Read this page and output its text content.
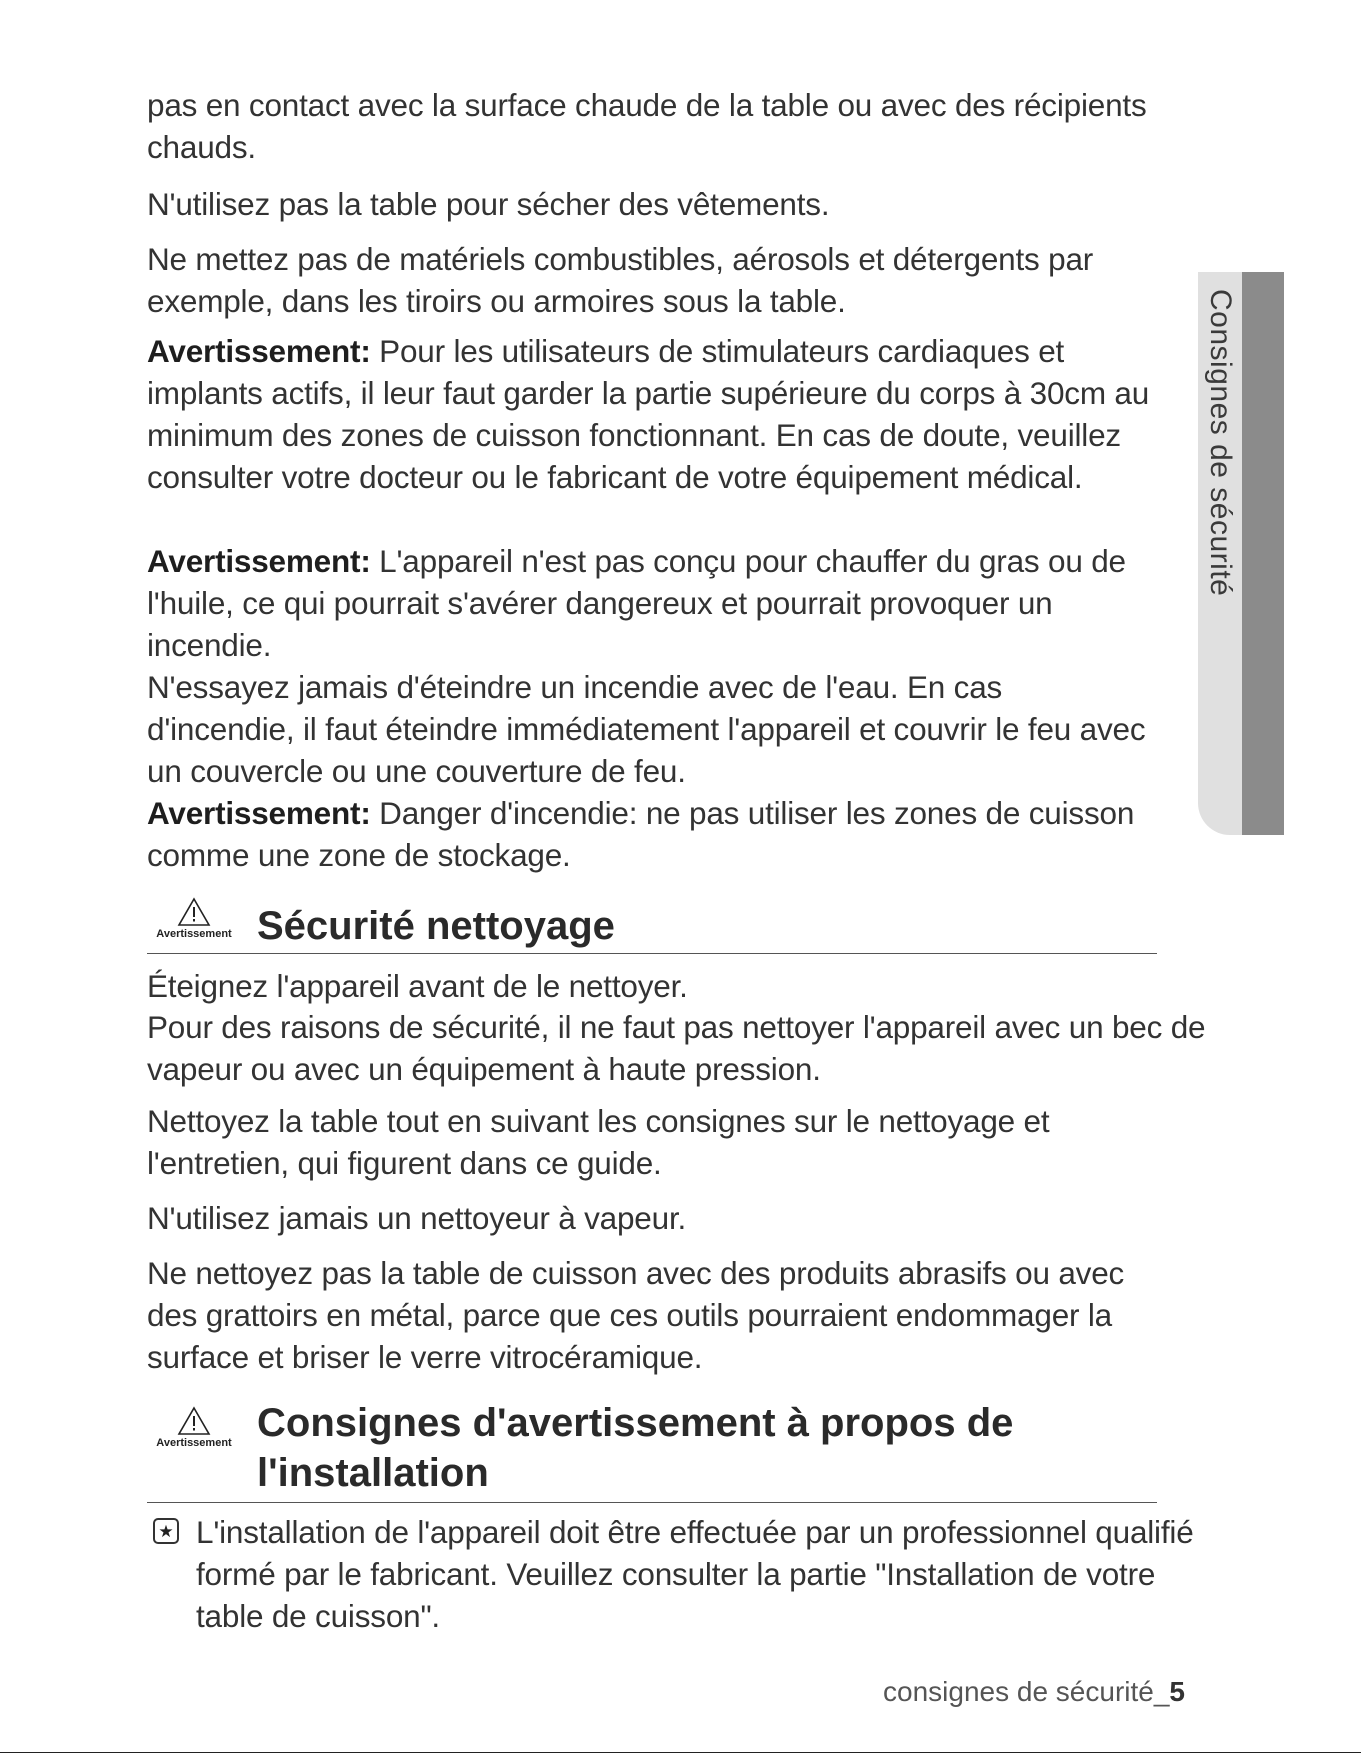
Consignes de sécurité

pas en contact avec la surface chaude de la table ou avec des récipients chauds.

N'utilisez pas la table pour sécher des vêtements.

Ne mettez pas de matériels combustibles, aérosols et détergents par exemple, dans les tiroirs ou armoires sous la table.

Avertissement: Pour les utilisateurs de stimulateurs cardiaques et implants actifs, il leur faut garder la partie supérieure du corps à 30cm au minimum des zones de cuisson fonctionnant. En cas de doute, veuillez consulter votre docteur ou le fabricant de votre équipement médical.

Avertissement: L'appareil n'est pas conçu pour chauffer du gras ou de l'huile, ce qui pourrait s'avérer dangereux et pourrait provoquer un incendie.

N'essayez jamais d'éteindre un incendie avec de l'eau. En cas d'incendie, il faut éteindre immédiatement l'appareil et couvrir le feu avec un couvercle ou une couverture de feu.

Avertissement: Danger d'incendie: ne pas utiliser les zones de cuisson comme une zone de stockage.

Avertissement Sécurité nettoyage

Éteignez l'appareil avant de le nettoyer.

Pour des raisons de sécurité, il ne faut pas nettoyer l'appareil avec un bec de vapeur ou avec un équipement à haute pression.

Nettoyez la table tout en suivant les consignes sur le nettoyage et l'entretien, qui figurent dans ce guide.

N'utilisez jamais un nettoyeur à vapeur.

Ne nettoyez pas la table de cuisson avec des produits abrasifs ou avec des grattoirs en métal, parce que ces outils pourraient endommager la surface et briser le verre vitrocéramique.

Avertissement Consignes d'avertissement à propos de
l'installation
★ L'installation de l'appareil doit être effectuée par un professionnel qualifié formé par le fabricant. Veuillez consulter la partie "Installation de votre table de cuisson".

consignes de sécurité_5
